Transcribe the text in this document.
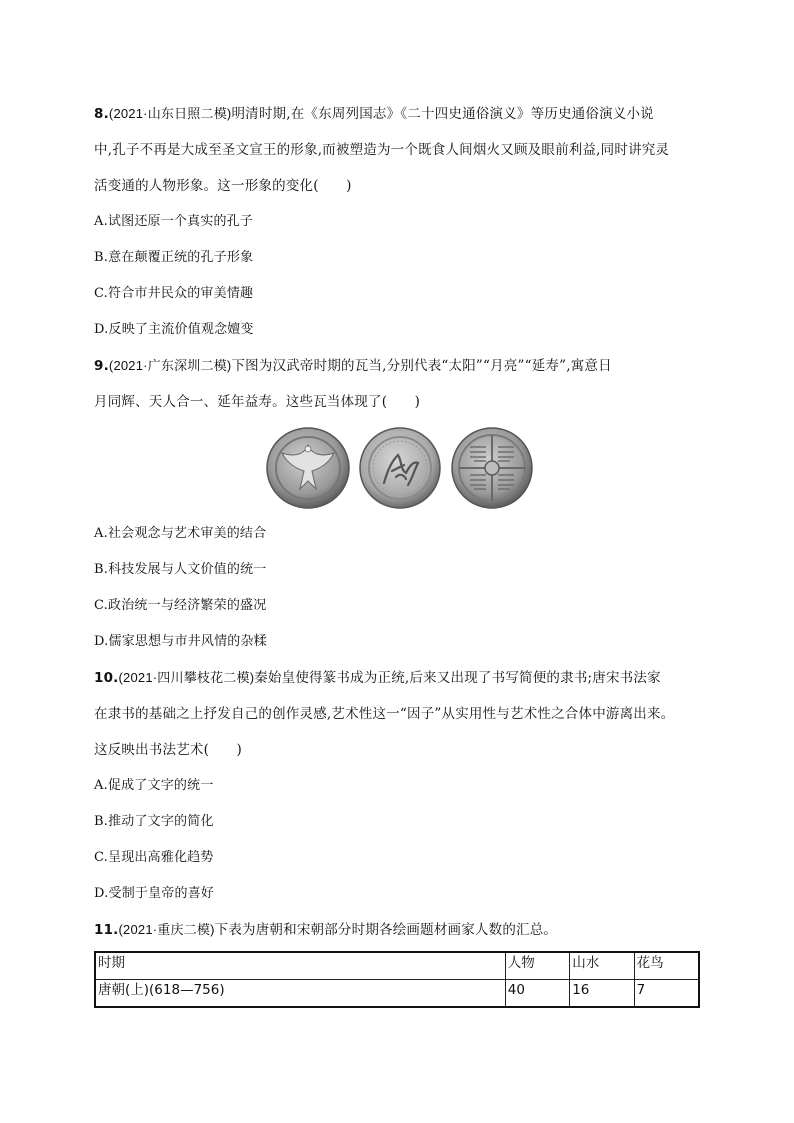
8.(2021·山东日照二模)明清时期,在《东周列国志》《二十四史通俗演义》等历史通俗演义小说
中,孔子不再是大成至圣文宣王的形象,而被塑造为一个既食人间烟火又顾及眼前利益,同时讲究灵
活变通的人物形象。这一形象的变化(　　)
A.试图还原一个真实的孔子
B.意在颠覆正统的孔子形象
C.符合市井民众的审美情趣
D.反映了主流价值观念嬗变
9.(2021·广东深圳二模)下图为汉武帝时期的瓦当,分别代表“太阳”“月亮”“延寿”,寓意日
月同辉、天人合一、延年益寿。这些瓦当体现了(　　)
A.社会观念与艺术审美的结合
B.科技发展与人文价值的统一
C.政治统一与经济繁荣的盛况
D.儒家思想与市井风情的杂糅
10.(2021·四川攀枝花二模)秦始皇使得篆书成为正统,后来又出现了书写简便的隶书;唐宋书法家
在隶书的基础之上抒发自己的创作灵感,艺术性这一“因子”从实用性与艺术性之合体中游离出来。
这反映出书法艺术(　　)
A.促成了文字的统一
B.推动了文字的简化
C.呈现出高雅化趋势
D.受制于皇帝的喜好
11.(2021·重庆二模)下表为唐朝和宋朝部分时期各绘画题材画家人数的汇总。
时期	人物	山水	花鸟
唐朝(上)(618—756)	40	16	7
